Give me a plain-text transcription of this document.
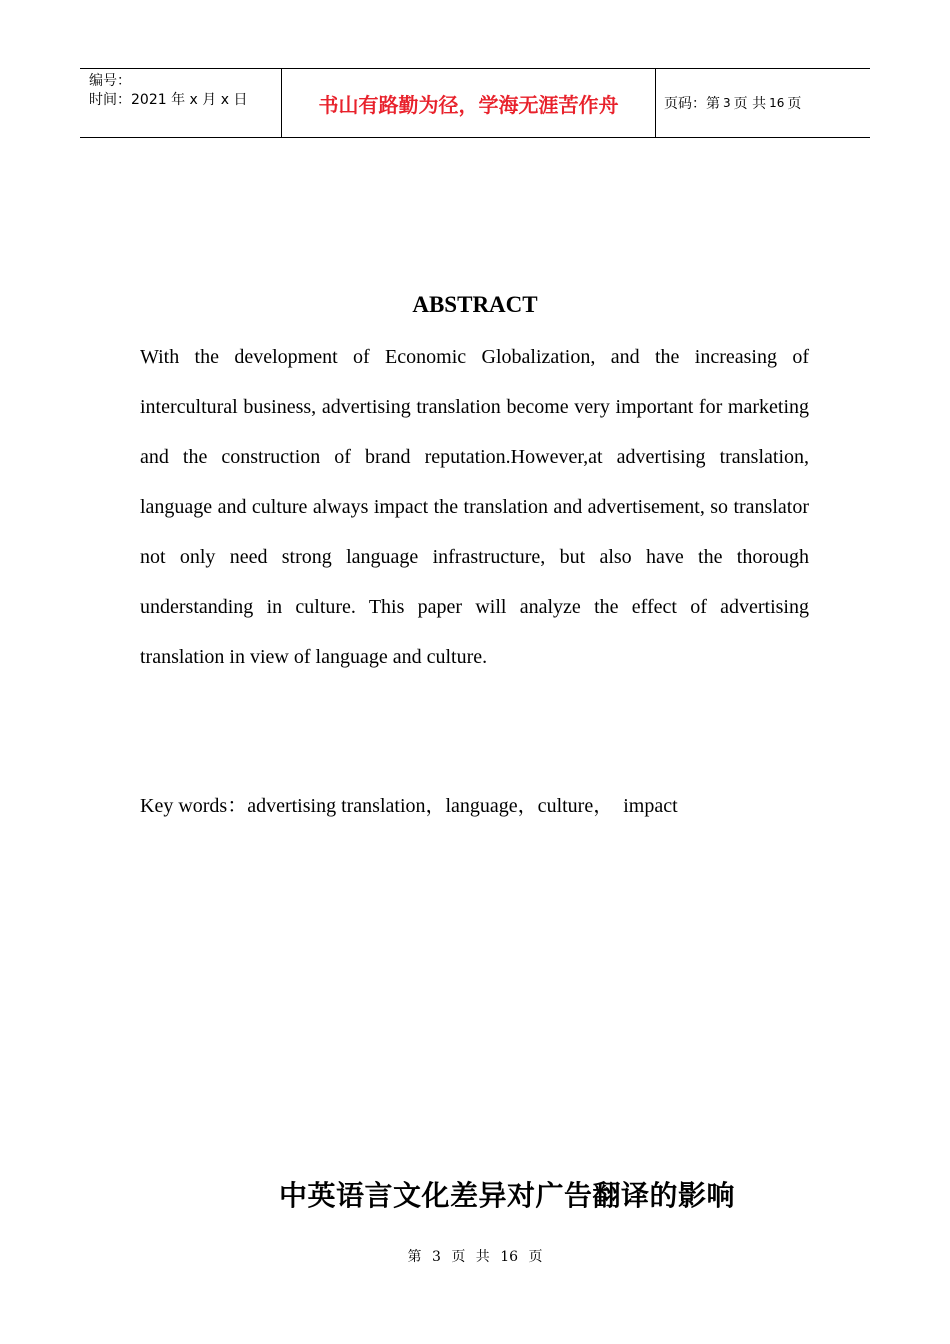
编号：
时间：2021 年 x 月 x 日	书山有路勤为径，学海无涯苦作舟	页码：第 3 页 共 16 页
ABSTRACT
With the development of Economic Globalization, and the increasing of intercultural business, advertising translation become very important for marketing and the construction of brand reputation.However,at advertising translation, language and culture always impact the translation and advertisement, so translator not only need strong language infrastructure, but also have the thorough understanding in culture. This paper will analyze the effect of advertising translation in view of language and culture.
Key words：advertising translation，language，culture，  impact
中英语言文化差异对广告翻译的影响
第 3 页 共 16 页
